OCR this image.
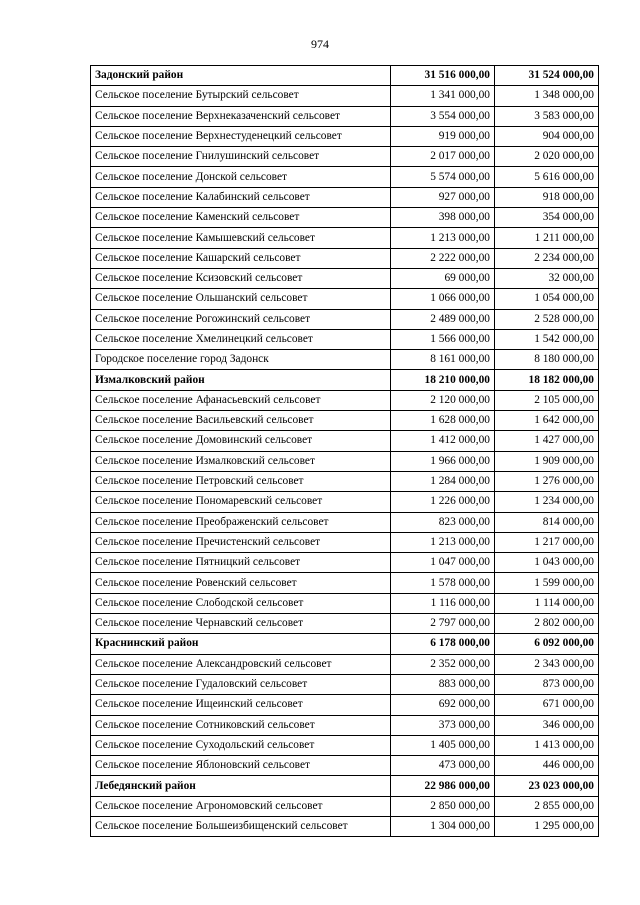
974
Задонский район	31 516 000,00	31 524 000,00
Сельское поселение Бутырский сельсовет	1 341 000,00	1 348 000,00
Сельское поселение Верхнеказаченский сельсовет	3 554 000,00	3 583 000,00
Сельское поселение Верхнестуденецкий сельсовет	919 000,00	904 000,00
Сельское поселение Гнилушинский сельсовет	2 017 000,00	2 020 000,00
Сельское поселение Донской сельсовет	5 574 000,00	5 616 000,00
Сельское поселение Калабинский сельсовет	927 000,00	918 000,00
Сельское поселение Каменский сельсовет	398 000,00	354 000,00
Сельское поселение Камышевский сельсовет	1 213 000,00	1 211 000,00
Сельское поселение Кашарский сельсовет	2 222 000,00	2 234 000,00
Сельское поселение Ксизовский сельсовет	69 000,00	32 000,00
Сельское поселение Ольшанский сельсовет	1 066 000,00	1 054 000,00
Сельское поселение Рогожинский сельсовет	2 489 000,00	2 528 000,00
Сельское поселение Хмелинецкий сельсовет	1 566 000,00	1 542 000,00
Городское поселение город Задонск	8 161 000,00	8 180 000,00
Измалковский район	18 210 000,00	18 182 000,00
Сельское поселение Афанасьевский сельсовет	2 120 000,00	2 105 000,00
Сельское поселение Васильевский сельсовет	1 628 000,00	1 642 000,00
Сельское поселение Домовинский сельсовет	1 412 000,00	1 427 000,00
Сельское поселение Измалковский сельсовет	1 966 000,00	1 909 000,00
Сельское поселение Петровский сельсовет	1 284 000,00	1 276 000,00
Сельское поселение Пономаревский сельсовет	1 226 000,00	1 234 000,00
Сельское поселение Преображенский сельсовет	823 000,00	814 000,00
Сельское поселение Пречистенский сельсовет	1 213 000,00	1 217 000,00
Сельское поселение Пятницкий сельсовет	1 047 000,00	1 043 000,00
Сельское поселение Ровенский сельсовет	1 578 000,00	1 599 000,00
Сельское поселение Слободской сельсовет	1 116 000,00	1 114 000,00
Сельское поселение Чернавский сельсовет	2 797 000,00	2 802 000,00
Краснинский район	6 178 000,00	6 092 000,00
Сельское поселение Александровский сельсовет	2 352 000,00	2 343 000,00
Сельское поселение Гудаловский сельсовет	883 000,00	873 000,00
Сельское поселение Ищеинский сельсовет	692 000,00	671 000,00
Сельское поселение Сотниковский сельсовет	373 000,00	346 000,00
Сельское поселение Суходольский сельсовет	1 405 000,00	1 413 000,00
Сельское поселение Яблоновский сельсовет	473 000,00	446 000,00
Лебедянский район	22 986 000,00	23 023 000,00
Сельское поселение Агрономовский сельсовет	2 850 000,00	2 855 000,00
Сельское поселение Большеизбищенский сельсовет	1 304 000,00	1 295 000,00
